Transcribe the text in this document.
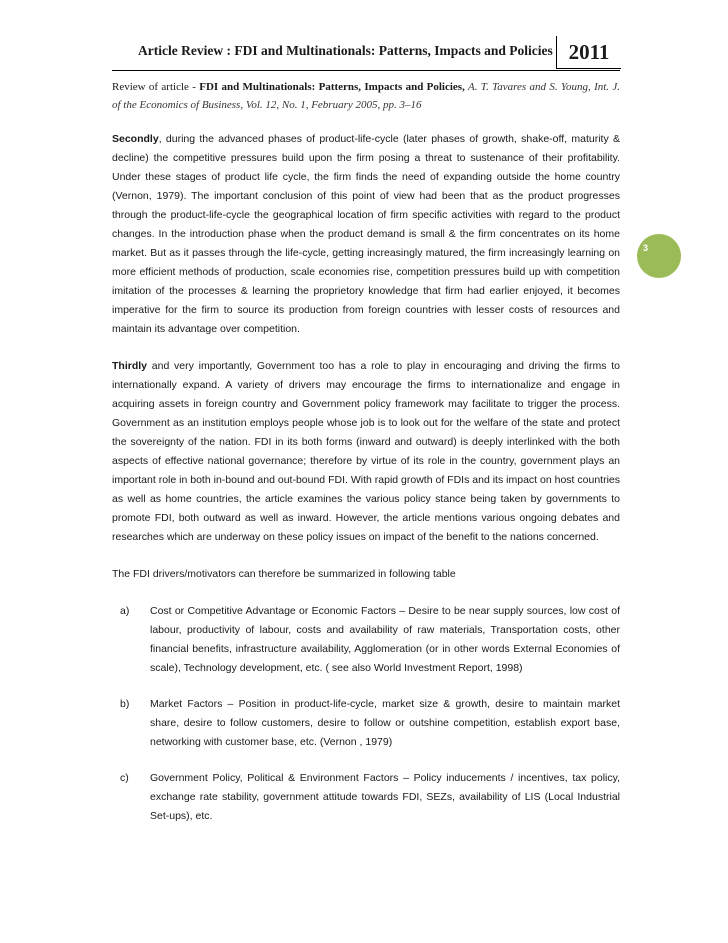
Article Review : FDI and Multinationals: Patterns, Impacts and Policies 2011
3

Review of article - FDI and Multinationals: Patterns, Impacts and Policies, A. T. Tavares and S. Young, Int. J. of the Economics of Business, Vol. 12, No. 1, February 2005, pp. 3–16

Secondly, during the advanced phases of product-life-cycle (later phases of growth, shake-off, maturity & decline) the competitive pressures build upon the firm posing a threat to sustenance of their profitability. Under these stages of product life cycle, the firm finds the need of expanding outside the home country (Vernon, 1979). The important conclusion of this point of view had been that as the product progresses through the product-life-cycle the geographical location of firm specific activities with regard to the product changes. In the introduction phase when the product demand is small & the firm concentrates on its home market. But as it passes through the life-cycle, getting increasingly matured, the firm increasingly learning on more efficient methods of production, scale economies rise, competition pressures build up with competition imitation of the processes & learning the proprietory knowledge that firm had earlier enjoyed, it becomes imperative for the firm to source its production from foreign countries with lesser costs of resources and maintain its advantage over competition.

Thirdly and very importantly, Government too has a role to play in encouraging and driving the firms to internationally expand. A variety of drivers may encourage the firms to internationalize and engage in acquiring assets in foreign country and Government policy framework may facilitate to trigger the process. Government as an institution employs people whose job is to look out for the welfare of the state and protect the sovereignty of the nation. FDI in its both forms (inward and outward) is deeply interlinked with the both aspects of effective national governance; therefore by virtue of its role in the country, government plays an important role in both in-bound and out-bound FDI. With rapid growth of FDIs and its impact on host countries as well as home countries, the article examines the various policy stance being taken by governments to promote FDI, both outward as well as inward. However, the article mentions various ongoing debates and researches which are underway on these policy issues on impact of the benefit to the nations concerned.

The FDI drivers/motivators can therefore be summarized in following table

a)	Cost or Competitive Advantage or Economic Factors – Desire to be near supply sources, low cost of labour, productivity of labour, costs and availability of raw materials, Transportation costs, other financial benefits, infrastructure availability, Agglomeration (or in other words External Economies of scale), Technology development, etc. ( see also World Investment Report, 1998)
b)	Market Factors – Position in product-life-cycle, market size & growth, desire to maintain market share, desire to follow customers, desire to follow or outshine competition, establish export base, networking with customer base, etc. (Vernon , 1979)
c)	Government Policy, Political & Environment Factors – Policy inducements / incentives, tax policy, exchange rate stability, government attitude towards FDI, SEZs, availability of LIS (Local Industrial Set-ups), etc.
